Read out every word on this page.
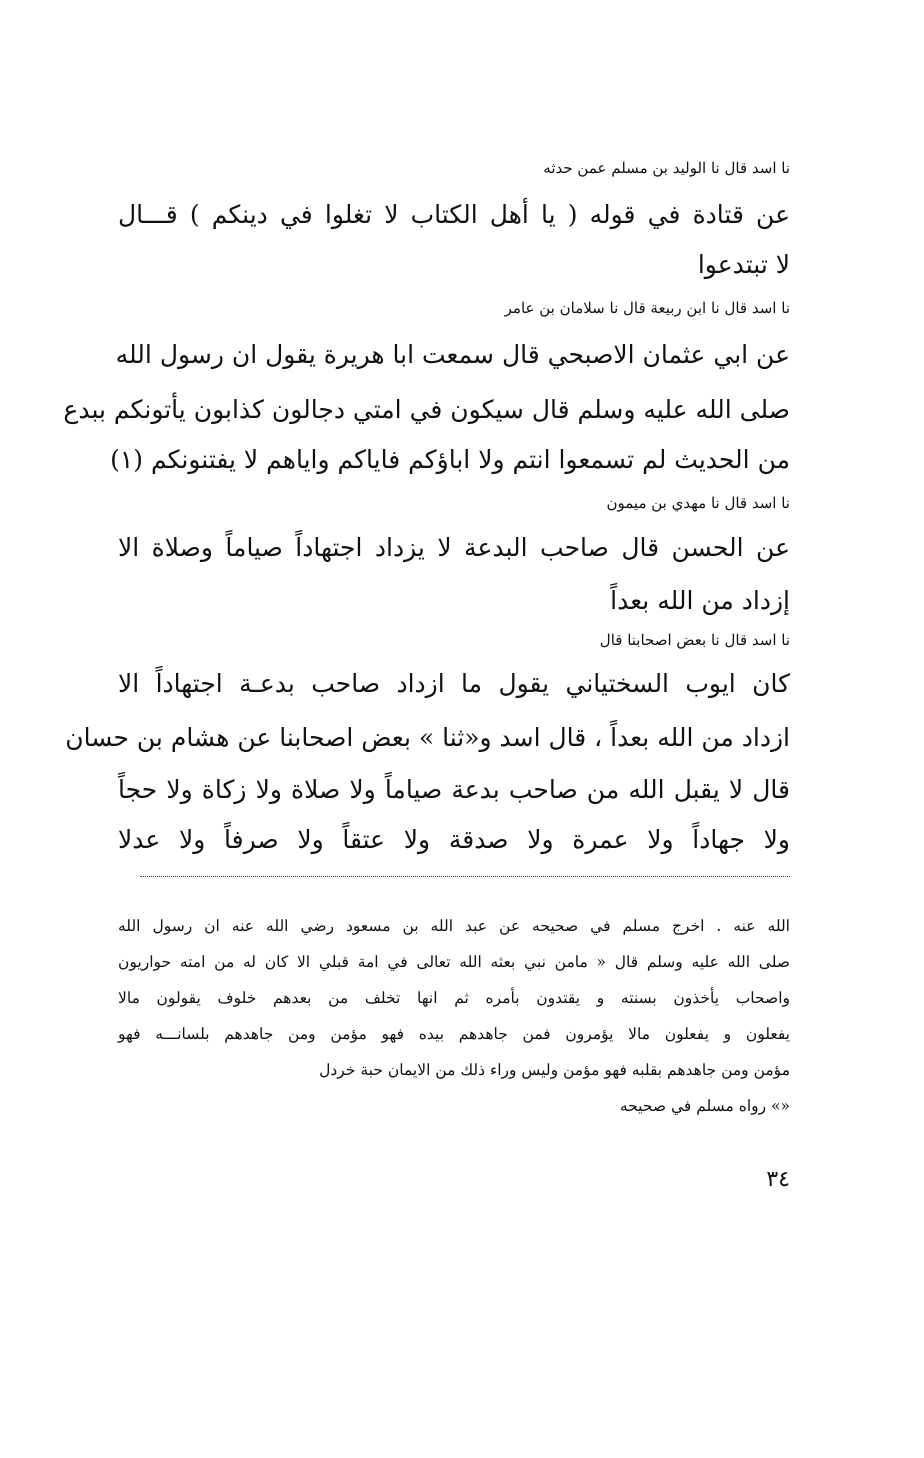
نا اسد قال نا الوليد بن مسلم عمن حدثه
عن قتادة في قوله ( يا أهل الكتاب لا تغلوا في دينكم ) قـــال
لا تبتدعوا
نا اسد قال نا ابن ربيعة قال نا سلامان بن عامر
عن ابي عثمان الاصبحي قال سمعت ابا هريرة يقول ان رسول الله
صلى الله عليه وسلم قال سيكون في امتي دجالون كذابون يأتونكم ببدع
من الحديث لم تسمعوا انتم ولا اباؤكم فاياكم واياهم لا يفتنونكم (١)
نا اسد قال نا مهدي بن ميمون
عن الحسن قال صاحب البدعة لا يزداد اجتهاداً صياماً وصلاة الا
إزداد من الله بعداً
نا اسد قال نا بعض اصحابنا قال
كان ايوب السختياني يقول ما ازداد صاحب بدعـة اجتهاداً الا
ازداد من الله بعداً ، قال اسد و«ثنا » بعض اصحابنا عن هشام بن حسان
قال لا يقبل الله من صاحب بدعة صياماً ولا صلاة ولا زكاة ولا حجاً
ولا جهاداً ولا عمرة ولا صدقة ولا عتقاً ولا صرفاً ولا عدلا
الله عنه . اخرج مسلم في صحيحه عن عبد الله بن مسعود رضي الله عنه ان رسول الله
صلى الله عليه وسلم قال « مامن نبي بعثه الله تعالى في امة قبلي الا كان له من امته حواريون
واصحاب يأخذون بسنته و يقتدون بأمره ثم انها تخلف من بعدهم خلوف يقولون مالا
يفعلون و يفعلون مالا يؤمرون فمن جاهدهم بيده فهو مؤمن ومن جاهدهم بلسانـــه فهو
مؤمن ومن جاهدهم بقلبه فهو مؤمن وليس وراء ذلك من الايمان حبة خردل
«» رواه مسلم في صحيحه
٣٤
